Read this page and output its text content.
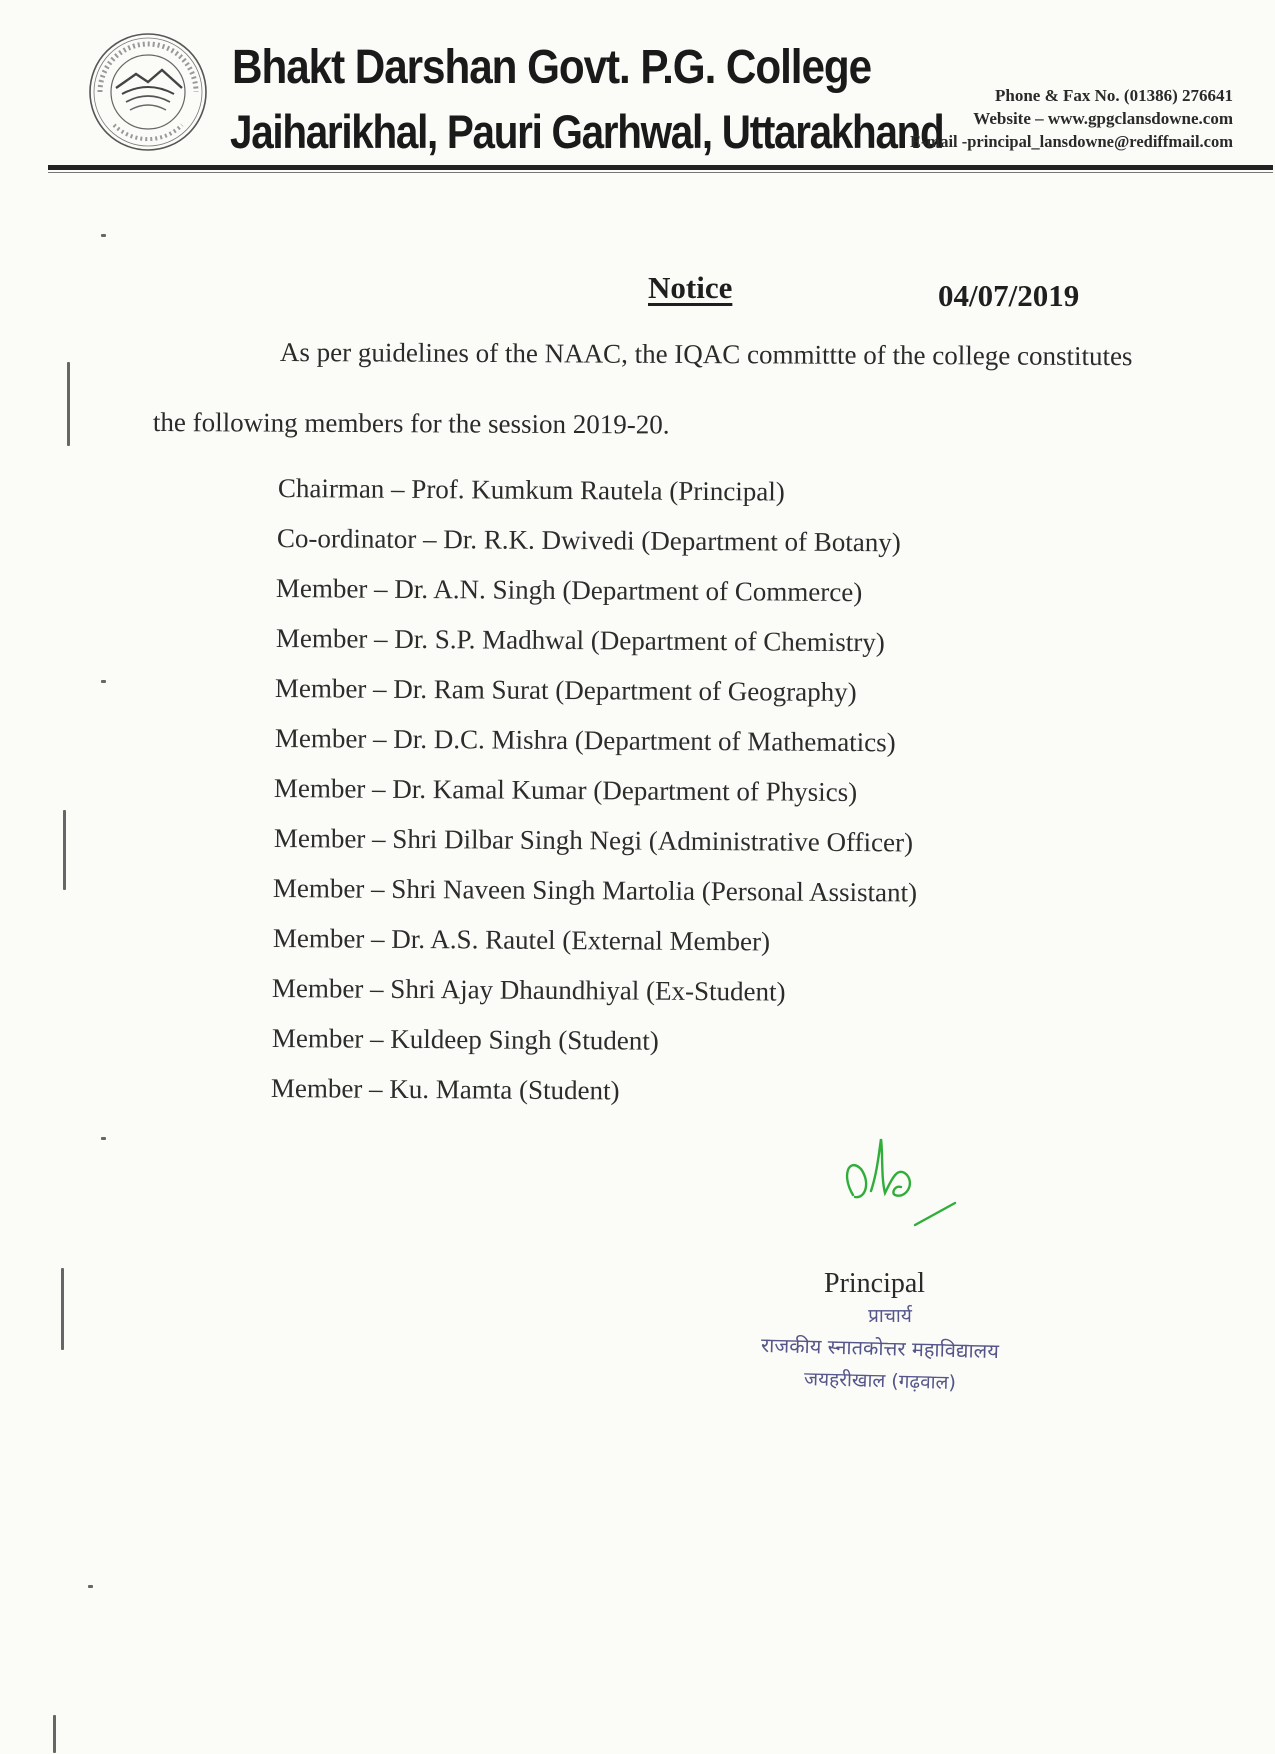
Bhakt Darshan Govt. P.G. College
Jaiharikhal, Pauri Garhwal, Uttarakhand
Phone & Fax No. (01386) 276641
Website – www.gpgclansdowne.com
E-mail -principal_lansdowne@rediffmail.com
Notice	04/07/2019
As per guidelines of the NAAC, the IQAC committte of the college constitutes
the following members for the session 2019-20.
Chairman – Prof. Kumkum Rautela (Principal)
Co-ordinator – Dr. R.K. Dwivedi (Department of Botany)
Member – Dr. A.N. Singh (Department of Commerce)
Member – Dr. S.P. Madhwal (Department of Chemistry)
Member – Dr. Ram Surat (Department of Geography)
Member – Dr. D.C. Mishra (Department of Mathematics)
Member – Dr. Kamal Kumar (Department of Physics)
Member – Shri Dilbar Singh Negi (Administrative Officer)
Member – Shri Naveen Singh Martolia (Personal Assistant)
Member – Dr. A.S. Rautel (External Member)
Member – Shri Ajay Dhaundhiyal (Ex-Student)
Member – Kuldeep Singh (Student)
Member – Ku. Mamta (Student)
Principal
प्राचार्य
राजकीय स्नातकोत्तर महाविद्यालय
जयहरीखाल (गढ़वाल)
